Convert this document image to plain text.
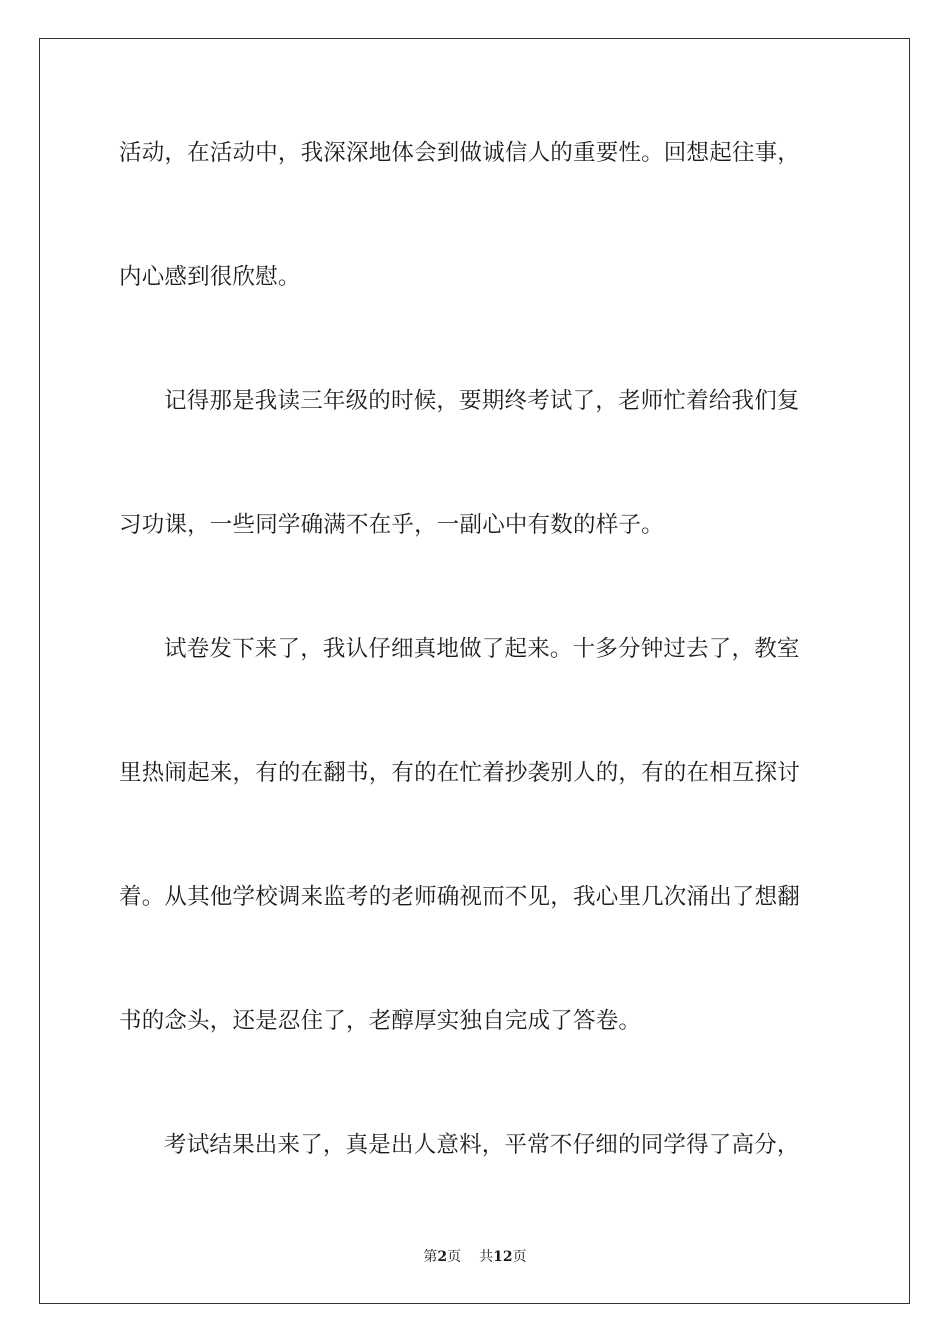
活动，在活动中，我深深地体会到做诚信人的重要性。回想起往事，
内心感到很欣慰。
记得那是我读三年级的时候，要期终考试了，老师忙着给我们复
习功课，一些同学确满不在乎，一副心中有数的样子。
试卷发下来了，我认仔细真地做了起来。十多分钟过去了，教室
里热闹起来，有的在翻书，有的在忙着抄袭别人的，有的在相互探讨
着。从其他学校调来监考的老师确视而不见，我心里几次涌出了想翻
书的念头，还是忍住了，老醇厚实独自完成了答卷。
考试结果出来了，真是出人意料，平常不仔细的同学得了高分，
第2页 共12页
